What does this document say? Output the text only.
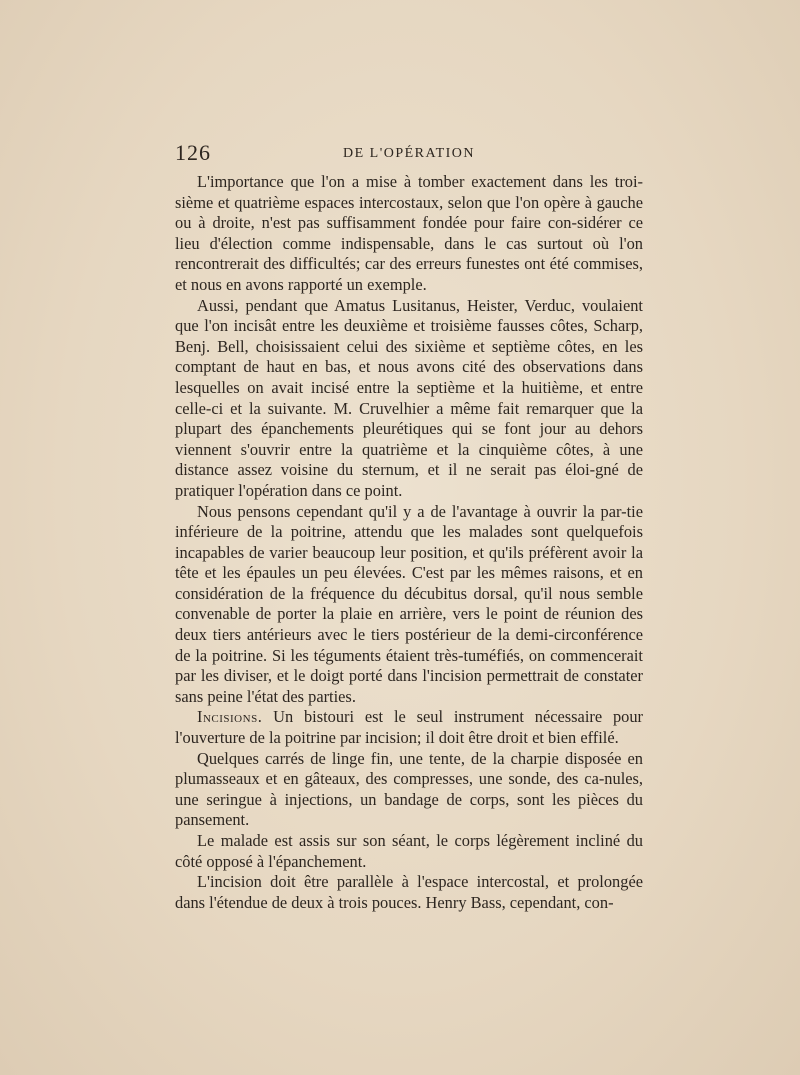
126	DE L'OPÉRATION

L'importance que l'on a mise à tomber exactement dans les troi-sième et quatrième espaces intercostaux, selon que l'on opère à gauche ou à droite, n'est pas suffisamment fondée pour faire con-sidérer ce lieu d'élection comme indispensable, dans le cas surtout où l'on rencontrerait des difficultés; car des erreurs funestes ont été commises, et nous en avons rapporté un exemple.

Aussi, pendant que Amatus Lusitanus, Heister, Verduc, voulaient que l'on incisât entre les deuxième et troisième fausses côtes, Scharp, Benj. Bell, choisissaient celui des sixième et septième côtes, en les comptant de haut en bas, et nous avons cité des observations dans lesquelles on avait incisé entre la septième et la huitième, et entre celle-ci et la suivante. M. Cruvelhier a même fait remarquer que la plupart des épanchements pleurétiques qui se font jour au dehors viennent s'ouvrir entre la quatrième et la cinquième côtes, à une distance assez voisine du sternum, et il ne serait pas éloi-gné de pratiquer l'opération dans ce point.

Nous pensons cependant qu'il y a de l'avantage à ouvrir la par-tie inférieure de la poitrine, attendu que les malades sont quelquefois incapables de varier beaucoup leur position, et qu'ils préfèrent avoir la tête et les épaules un peu élevées. C'est par les mêmes raisons, et en considération de la fréquence du décubitus dorsal, qu'il nous semble convenable de porter la plaie en arrière, vers le point de réunion des deux tiers antérieurs avec le tiers postérieur de la demi-circonférence de la poitrine. Si les téguments étaient très-tuméfiés, on commencerait par les diviser, et le doigt porté dans l'incision permettrait de constater sans peine l'état des parties.

Incisions. Un bistouri est le seul instrument nécessaire pour l'ouverture de la poitrine par incision; il doit être droit et bien effilé.

Quelques carrés de linge fin, une tente, de la charpie disposée en plumasseaux et en gâteaux, des compresses, une sonde, des ca-nules, une seringue à injections, un bandage de corps, sont les pièces du pansement.

Le malade est assis sur son séant, le corps légèrement incliné du côté opposé à l'épanchement.

L'incision doit être parallèle à l'espace intercostal, et prolongée dans l'étendue de deux à trois pouces. Henry Bass, cependant, con-
